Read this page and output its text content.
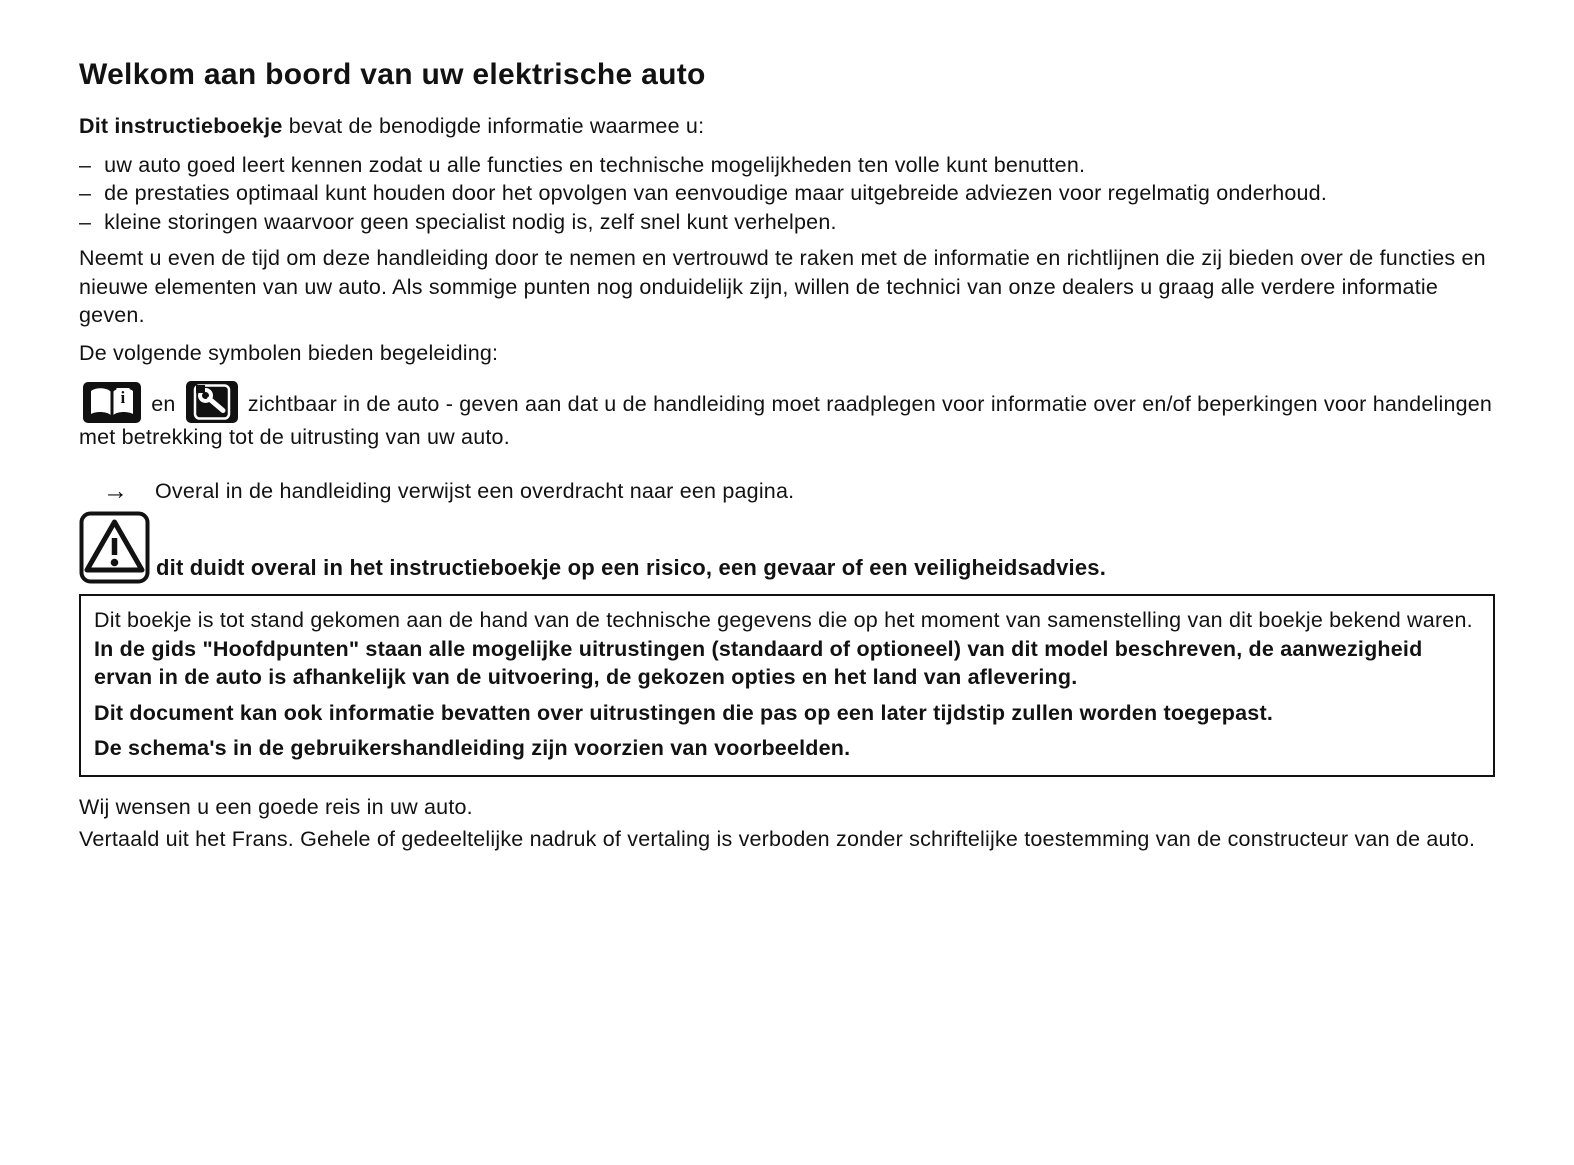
Welkom aan boord van uw elektrische auto

Dit instructieboekje bevat de benodigde informatie waarmee u:

– uw auto goed leert kennen zodat u alle functies en technische mogelijkheden ten volle kunt benutten.

– de prestaties optimaal kunt houden door het opvolgen van eenvoudige maar uitgebreide adviezen voor regelmatig onderhoud.

– kleine storingen waarvoor geen specialist nodig is, zelf snel kunt verhelpen.

Neemt u even de tijd om deze handleiding door te nemen en vertrouwd te raken met de informatie en richtlijnen die zij bieden over de functies en nieuwe elementen van uw auto. Als sommige punten nog onduidelijk zijn, willen de technici van onze dealers u graag alle verdere informatie geven.

De volgende symbolen bieden begeleiding:

i en	zichtbaar in de auto - geven aan dat u de handleiding moet raadplegen voor informatie over en/of beperkingen voor handelingen met betrekking tot de uitrusting van uw auto.

→ Overal in de handleiding verwijst een overdracht naar een pagina.

dit duidt overal in het instructieboekje op een risico, een gevaar of een veiligheidsadvies.

Dit boekje is tot stand gekomen aan de hand van de technische gegevens die op het moment van samenstelling van dit boekje bekend waren. In de gids "Hoofdpunten" staan alle mogelijke uitrustingen (standaard of optioneel) van dit model beschreven, de aanwezigheid ervan in de auto is afhankelijk van de uitvoering, de gekozen opties en het land van aflevering.

Dit document kan ook informatie bevatten over uitrustingen die pas op een later tijdstip zullen worden toegepast.

De schema's in de gebruikershandleiding zijn voorzien van voorbeelden.

Wij wensen u een goede reis in uw auto.

Vertaald uit het Frans. Gehele of gedeeltelijke nadruk of vertaling is verboden zonder schriftelijke toestemming van de constructeur van de auto.
